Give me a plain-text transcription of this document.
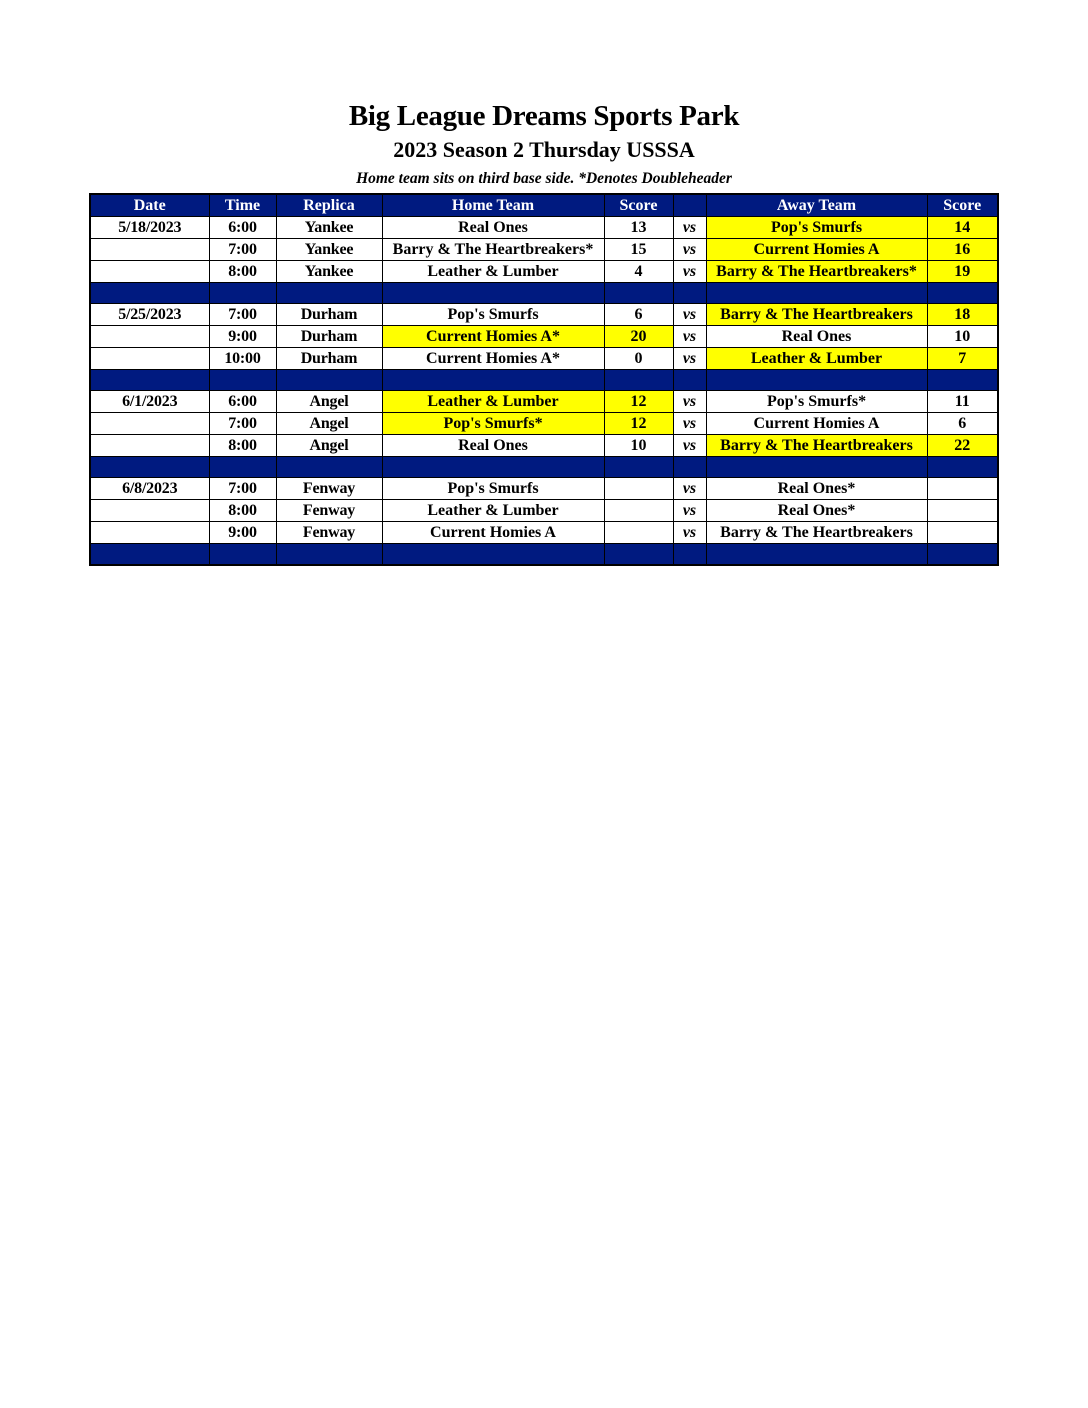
Big League Dreams Sports Park
2023 Season 2 Thursday USSSA
Home team sits on third base side. *Denotes Doubleheader
Date	Time	Replica	Home Team	Score		Away Team	Score
5/18/2023	6:00	Yankee	Real Ones	13	vs	Pop's Smurfs	14
	7:00	Yankee	Barry & The Heartbreakers*	15	vs	Current Homies A	16
	8:00	Yankee	Leather & Lumber	4	vs	Barry & The Heartbreakers*	19

5/25/2023	7:00	Durham	Pop's Smurfs	6	vs	Barry & The Heartbreakers	18
	9:00	Durham	Current Homies A*	20	vs	Real Ones	10
	10:00	Durham	Current Homies A*	0	vs	Leather & Lumber	7

6/1/2023	6:00	Angel	Leather & Lumber	12	vs	Pop's Smurfs*	11
	7:00	Angel	Pop's Smurfs*	12	vs	Current Homies A	6
	8:00	Angel	Real Ones	10	vs	Barry & The Heartbreakers	22

6/8/2023	7:00	Fenway	Pop's Smurfs		vs	Real Ones*	
	8:00	Fenway	Leather & Lumber		vs	Real Ones*	
	9:00	Fenway	Current Homies A		vs	Barry & The Heartbreakers	
